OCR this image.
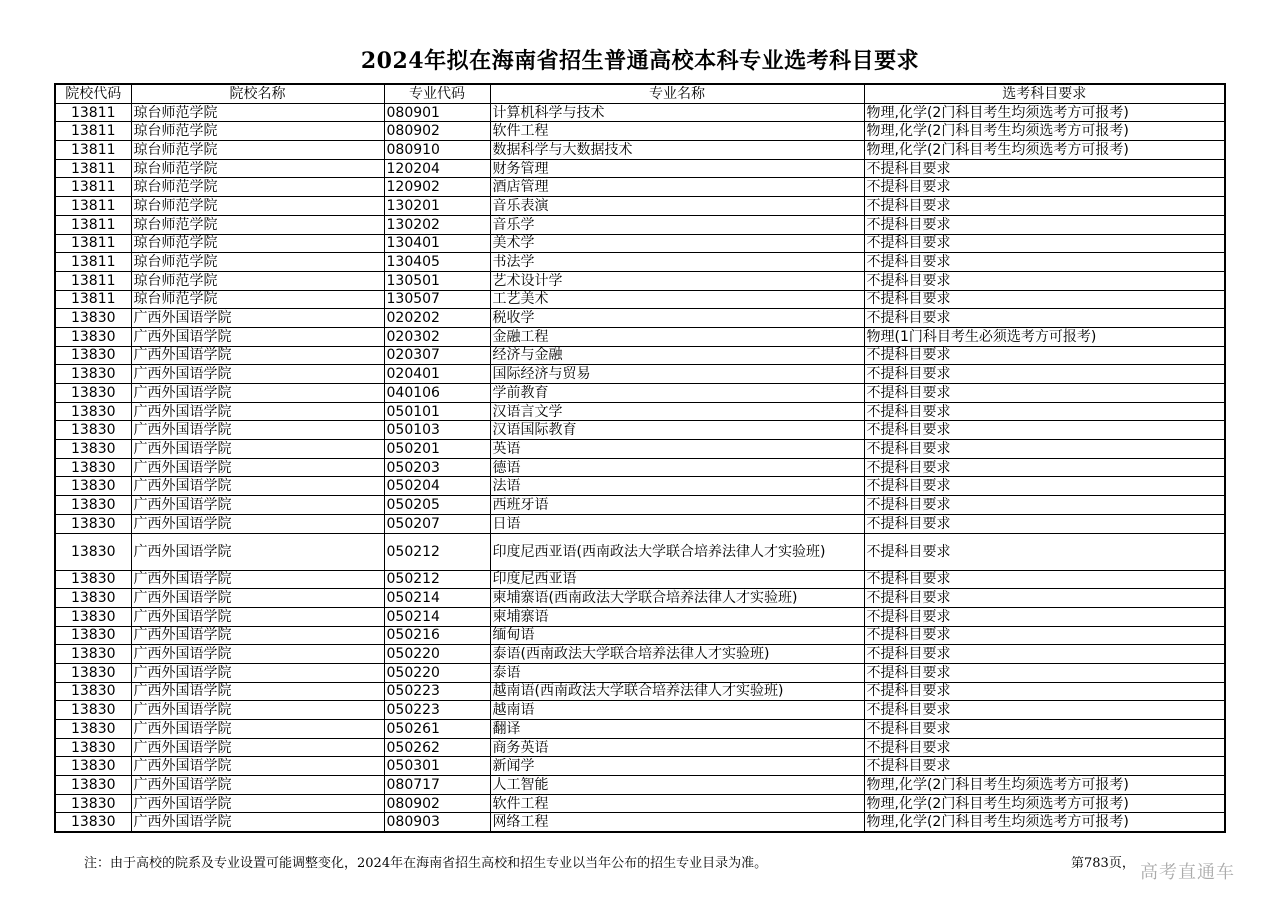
2024年拟在海南省招生普通高校本科专业选考科目要求
院校代码	院校名称	专业代码	专业名称	选考科目要求
13811	琼台师范学院	080901	计算机科学与技术	物理,化学(2门科目考生均须选考方可报考)
13811	琼台师范学院	080902	软件工程	物理,化学(2门科目考生均须选考方可报考)
13811	琼台师范学院	080910	数据科学与大数据技术	物理,化学(2门科目考生均须选考方可报考)
13811	琼台师范学院	120204	财务管理	不提科目要求
13811	琼台师范学院	120902	酒店管理	不提科目要求
13811	琼台师范学院	130201	音乐表演	不提科目要求
13811	琼台师范学院	130202	音乐学	不提科目要求
13811	琼台师范学院	130401	美术学	不提科目要求
13811	琼台师范学院	130405	书法学	不提科目要求
13811	琼台师范学院	130501	艺术设计学	不提科目要求
13811	琼台师范学院	130507	工艺美术	不提科目要求
13830	广西外国语学院	020202	税收学	不提科目要求
13830	广西外国语学院	020302	金融工程	物理(1门科目考生必须选考方可报考)
13830	广西外国语学院	020307	经济与金融	不提科目要求
13830	广西外国语学院	020401	国际经济与贸易	不提科目要求
13830	广西外国语学院	040106	学前教育	不提科目要求
13830	广西外国语学院	050101	汉语言文学	不提科目要求
13830	广西外国语学院	050103	汉语国际教育	不提科目要求
13830	广西外国语学院	050201	英语	不提科目要求
13830	广西外国语学院	050203	德语	不提科目要求
13830	广西外国语学院	050204	法语	不提科目要求
13830	广西外国语学院	050205	西班牙语	不提科目要求
13830	广西外国语学院	050207	日语	不提科目要求
13830	广西外国语学院	050212	印度尼西亚语(西南政法大学联合培养法律人才实验班)	不提科目要求
13830	广西外国语学院	050212	印度尼西亚语	不提科目要求
13830	广西外国语学院	050214	柬埔寨语(西南政法大学联合培养法律人才实验班)	不提科目要求
13830	广西外国语学院	050214	柬埔寨语	不提科目要求
13830	广西外国语学院	050216	缅甸语	不提科目要求
13830	广西外国语学院	050220	泰语(西南政法大学联合培养法律人才实验班)	不提科目要求
13830	广西外国语学院	050220	泰语	不提科目要求
13830	广西外国语学院	050223	越南语(西南政法大学联合培养法律人才实验班)	不提科目要求
13830	广西外国语学院	050223	越南语	不提科目要求
13830	广西外国语学院	050261	翻译	不提科目要求
13830	广西外国语学院	050262	商务英语	不提科目要求
13830	广西外国语学院	050301	新闻学	不提科目要求
13830	广西外国语学院	080717	人工智能	物理,化学(2门科目考生均须选考方可报考)
13830	广西外国语学院	080902	软件工程	物理,化学(2门科目考生均须选考方可报考)
13830	广西外国语学院	080903	网络工程	物理,化学(2门科目考生均须选考方可报考)
注：由于高校的院系及专业设置可能调整变化，2024年在海南省招生高校和招生专业以当年公布的招生专业目录为准。	第783页， 高考直通车
